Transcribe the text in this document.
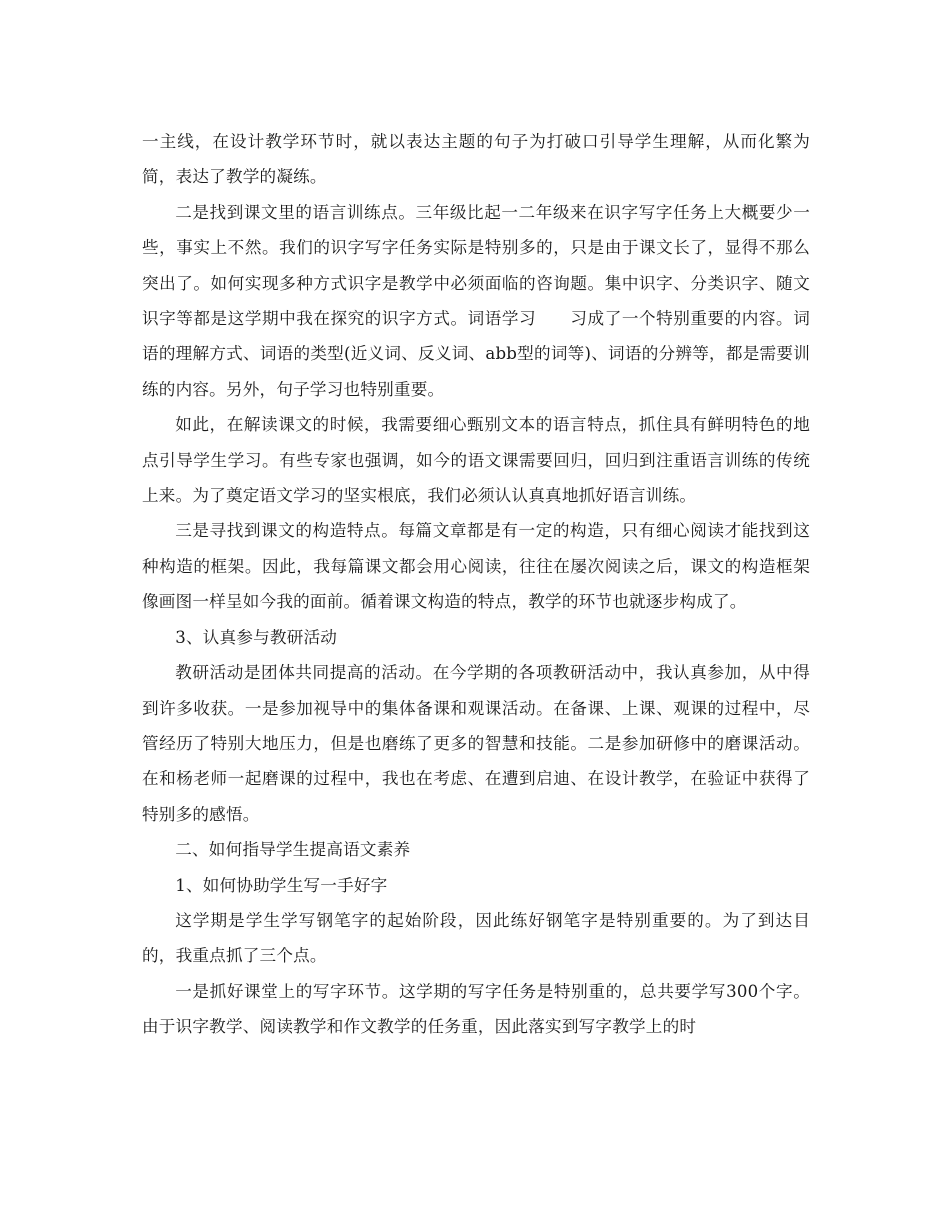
一主线，在设计教学环节时，就以表达主题的句子为打破口引导学生理解，从而化繁为简，表达了教学的凝练。

二是找到课文里的语言训练点。三年级比起一二年级来在识字写字任务上大概要少一些，事实上不然。我们的识字写字任务实际是特别多的，只是由于课文长了，显得不那么突出了。如何实现多种方式识字是教学中必须面临的咨询题。集中识字、分类识字、随文识字等都是这学期中我在探究的识字方式。词语学习　　习成了一个特别重要的内容。词语的理解方式、词语的类型(近义词、反义词、abb型的词等)、词语的分辨等，都是需要训练的内容。另外，句子学习也特别重要。

如此，在解读课文的时候，我需要细心甄别文本的语言特点，抓住具有鲜明特色的地点引导学生学习。有些专家也强调，如今的语文课需要回归，回归到注重语言训练的传统上来。为了奠定语文学习的坚实根底，我们必须认认真真地抓好语言训练。

三是寻找到课文的构造特点。每篇文章都是有一定的构造，只有细心阅读才能找到这种构造的框架。因此，我每篇课文都会用心阅读，往往在屡次阅读之后，课文的构造框架像画图一样呈如今我的面前。循着课文构造的特点，教学的环节也就逐步构成了。

3、认真参与教研活动

教研活动是团体共同提高的活动。在今学期的各项教研活动中，我认真参加，从中得到许多收获。一是参加视导中的集体备课和观课活动。在备课、上课、观课的过程中，尽管经历了特别大地压力，但是也磨练了更多的智慧和技能。二是参加研修中的磨课活动。在和杨老师一起磨课的过程中，我也在考虑、在遭到启迪、在设计教学，在验证中获得了特别多的感悟。

二、如何指导学生提高语文素养

1、如何协助学生写一手好字

这学期是学生学写钢笔字的起始阶段，因此练好钢笔字是特别重要的。为了到达目的，我重点抓了三个点。

一是抓好课堂上的写字环节。这学期的写字任务是特别重的，总共要学写300个字。由于识字教学、阅读教学和作文教学的任务重，因此落实到写字教学上的时
